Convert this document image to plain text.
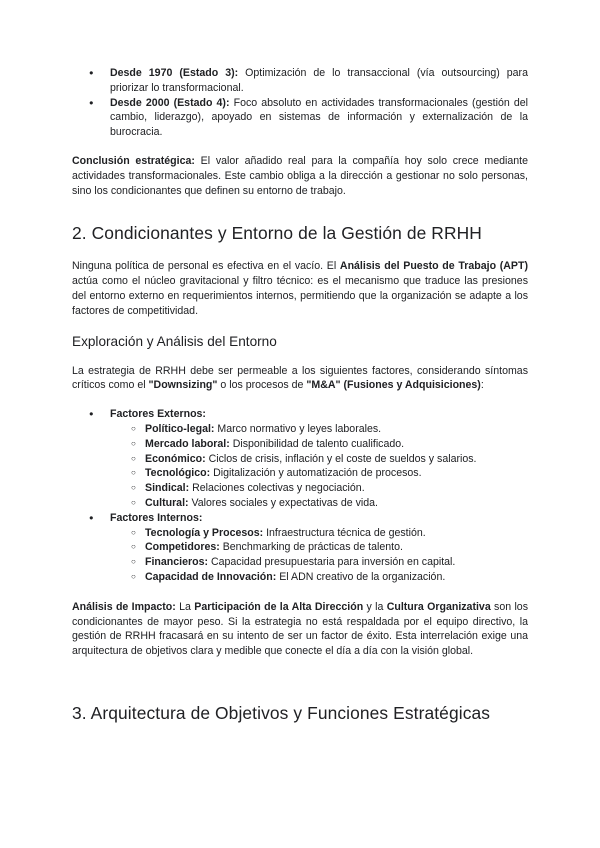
● Desde 1970 (Estado 3): Optimización de lo transaccional (vía outsourcing) para priorizar lo transformacional.
● Desde 2000 (Estado 4): Foco absoluto en actividades transformacionales (gestión del cambio, liderazgo), apoyado en sistemas de información y externalización de la burocracia.

Conclusión estratégica: El valor añadido real para la compañía hoy solo crece mediante actividades transformacionales. Este cambio obliga a la dirección a gestionar no solo personas, sino los condicionantes que definen su entorno de trabajo.

2. Condicionantes y Entorno de la Gestión de RRHH

Ninguna política de personal es efectiva en el vacío. El Análisis del Puesto de Trabajo (APT) actúa como el núcleo gravitacional y filtro técnico: es el mecanismo que traduce las presiones del entorno externo en requerimientos internos, permitiendo que la organización se adapte a los factores de competitividad.

Exploración y Análisis del Entorno

La estrategia de RRHH debe ser permeable a los siguientes factores, considerando síntomas críticos como el "Downsizing" o los procesos de "M&A" (Fusiones y Adquisiciones):

● Factores Externos:
○ Político-legal: Marco normativo y leyes laborales.
○ Mercado laboral: Disponibilidad de talento cualificado.
○ Económico: Ciclos de crisis, inflación y el coste de sueldos y salarios.
○ Tecnológico: Digitalización y automatización de procesos.
○ Sindical: Relaciones colectivas y negociación.
○ Cultural: Valores sociales y expectativas de vida.
● Factores Internos:
○ Tecnología y Procesos: Infraestructura técnica de gestión.
○ Competidores: Benchmarking de prácticas de talento.
○ Financieros: Capacidad presupuestaria para inversión en capital.
○ Capacidad de Innovación: El ADN creativo de la organización.

Análisis de Impacto: La Participación de la Alta Dirección y la Cultura Organizativa son los condicionantes de mayor peso. Si la estrategia no está respaldada por el equipo directivo, la gestión de RRHH fracasará en su intento de ser un factor de éxito. Esta interrelación exige una arquitectura de objetivos clara y medible que conecte el día a día con la visión global.

3. Arquitectura de Objetivos y Funciones Estratégicas
